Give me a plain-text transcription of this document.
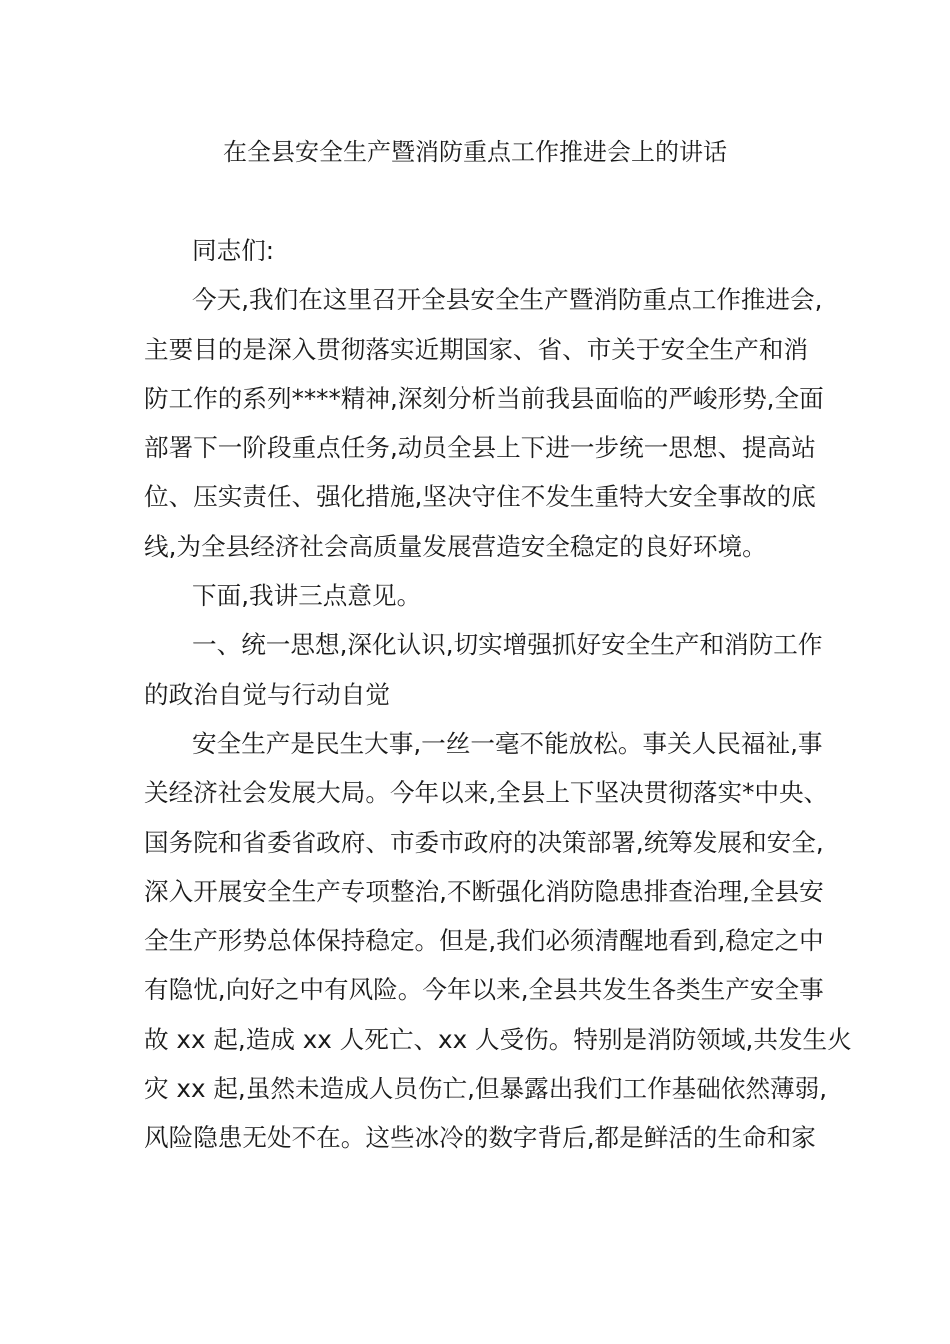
在全县安全生产暨消防重点工作推进会上的讲话
同志们:
今天,我们在这里召开全县安全生产暨消防重点工作推进会,
主要目的是深入贯彻落实近期国家、省、市关于安全生产和消
防工作的系列****精神,深刻分析当前我县面临的严峻形势,全面
部署下一阶段重点任务,动员全县上下进一步统一思想、提高站
位、压实责任、强化措施,坚决守住不发生重特大安全事故的底
线,为全县经济社会高质量发展营造安全稳定的良好环境。
下面,我讲三点意见。
一、统一思想,深化认识,切实增强抓好安全生产和消防工作
的政治自觉与行动自觉
安全生产是民生大事,一丝一毫不能放松。事关人民福祉,事
关经济社会发展大局。今年以来,全县上下坚决贯彻落实*中央、
国务院和省委省政府、市委市政府的决策部署,统筹发展和安全,
深入开展安全生产专项整治,不断强化消防隐患排查治理,全县安
全生产形势总体保持稳定。但是,我们必须清醒地看到,稳定之中
有隐忧,向好之中有风险。今年以来,全县共发生各类生产安全事
故 xx 起,造成 xx 人死亡、xx 人受伤。特别是消防领域,共发生火
灾 xx 起,虽然未造成人员伤亡,但暴露出我们工作基础依然薄弱,
风险隐患无处不在。这些冰冷的数字背后,都是鲜活的生命和家
